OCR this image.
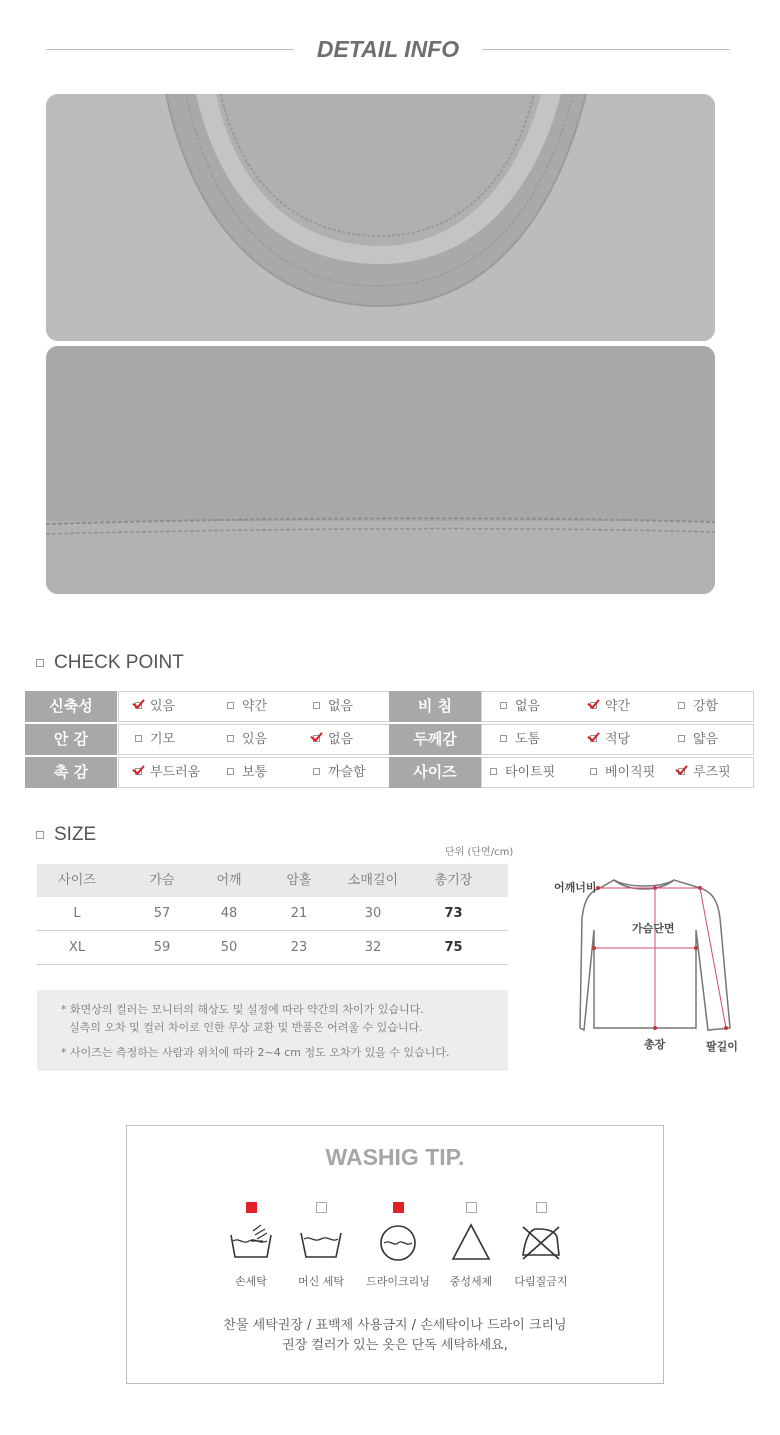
DETAIL INFO
CHECK POINT
신축성	있음	약간	없음	비 침	없음	약간	강함
안 감	기모	있음	없음	두께감	도톰	적당	얇음
촉 감	부드러움	보통	까슬함	사이즈	타이트핏	베이직핏	루즈핏
SIZE
단위 (단면/cm)
사이즈	가슴	어깨	암홀	소매길이	총기장
L	57	48	21	30	73
XL	59	50	23	32	75
* 화면상의 컬러는 모니터의 해상도 및 설정에 따라 약간의 차이가 있습니다.
실측의 오차 및 컬러 차이로 인한 무상 교환 및 반품은 어려울 수 있습니다.
* 사이즈는 측정하는 사람과 위치에 따라 2~4 cm 정도 오차가 있을 수 있습니다.
어깨너비
가슴단면
총장	팔길이
WASHIG TIP.
손세탁	머신 세탁	드라이크리닝	중성세제	다림질금지
찬물 세탁권장 / 표백제 사용금지 / 손세탁이나 드라이 크리닝
권장 컬러가 있는 옷은 단독 세탁하세요,
